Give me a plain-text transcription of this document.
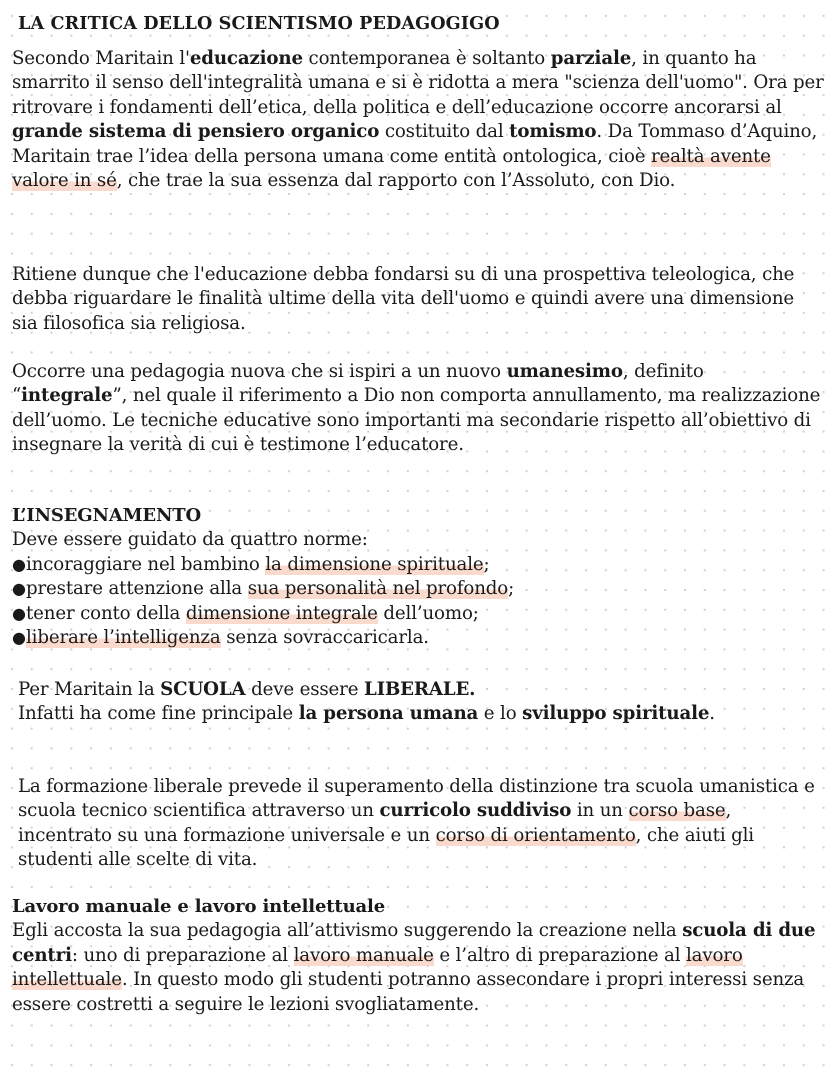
LA CRITICA DELLO SCIENTISMO PEDAGOGIGO

Secondo Maritain l'educazione contemporanea è soltanto parziale, in quanto ha smarrito il senso dell'integralità umana e si è ridotta a mera "scienza dell'uomo". Ora per ritrovare i fondamenti dell’etica, della politica e dell’educazione occorre ancorarsi al grande sistema di pensiero organico costituito dal tomismo. Da Tommaso d’Aquino, Maritain trae l’idea della persona umana come entità ontologica, cioè realtà avente valore in sé, che trae la sua essenza dal rapporto con l’Assoluto, con Dio.

Ritiene dunque che l'educazione debba fondarsi su di una prospettiva teleologica, che debba riguardare le finalità ultime della vita dell'uomo e quindi avere una dimensione sia filosofica sia religiosa.

Occorre una pedagogia nuova che si ispiri a un nuovo umanesimo, definito “integrale”, nel quale il riferimento a Dio non comporta annullamento, ma realizzazione dell’uomo. Le tecniche educative sono importanti ma secondarie rispetto all’obiettivo di insegnare la verità di cui è testimone l’educatore.

L’INSEGNAMENTO

Deve essere guidato da quattro norme:

●incoraggiare nel bambino la dimensione spirituale;
●prestare attenzione alla sua personalità nel profondo;
●tener conto della dimensione integrale dell’uomo;
●liberare l’intelligenza senza sovraccaricarla.

Per Maritain la SCUOLA deve essere LIBERALE.

Infatti ha come fine principale la persona umana e lo sviluppo spirituale.

La formazione liberale prevede il superamento della distinzione tra scuola umanistica e scuola tecnico scientifica attraverso un curricolo suddiviso in un corso base, incentrato su una formazione universale e un corso di orientamento, che aiuti gli studenti alle scelte di vita.

Lavoro manuale e lavoro intellettuale

Egli accosta la sua pedagogia all’attivismo suggerendo la creazione nella scuola di due centri: uno di preparazione al lavoro manuale e l’altro di preparazione al lavoro intellettuale. In questo modo gli studenti potranno assecondare i propri interessi senza essere costretti a seguire le lezioni svogliatamente.
